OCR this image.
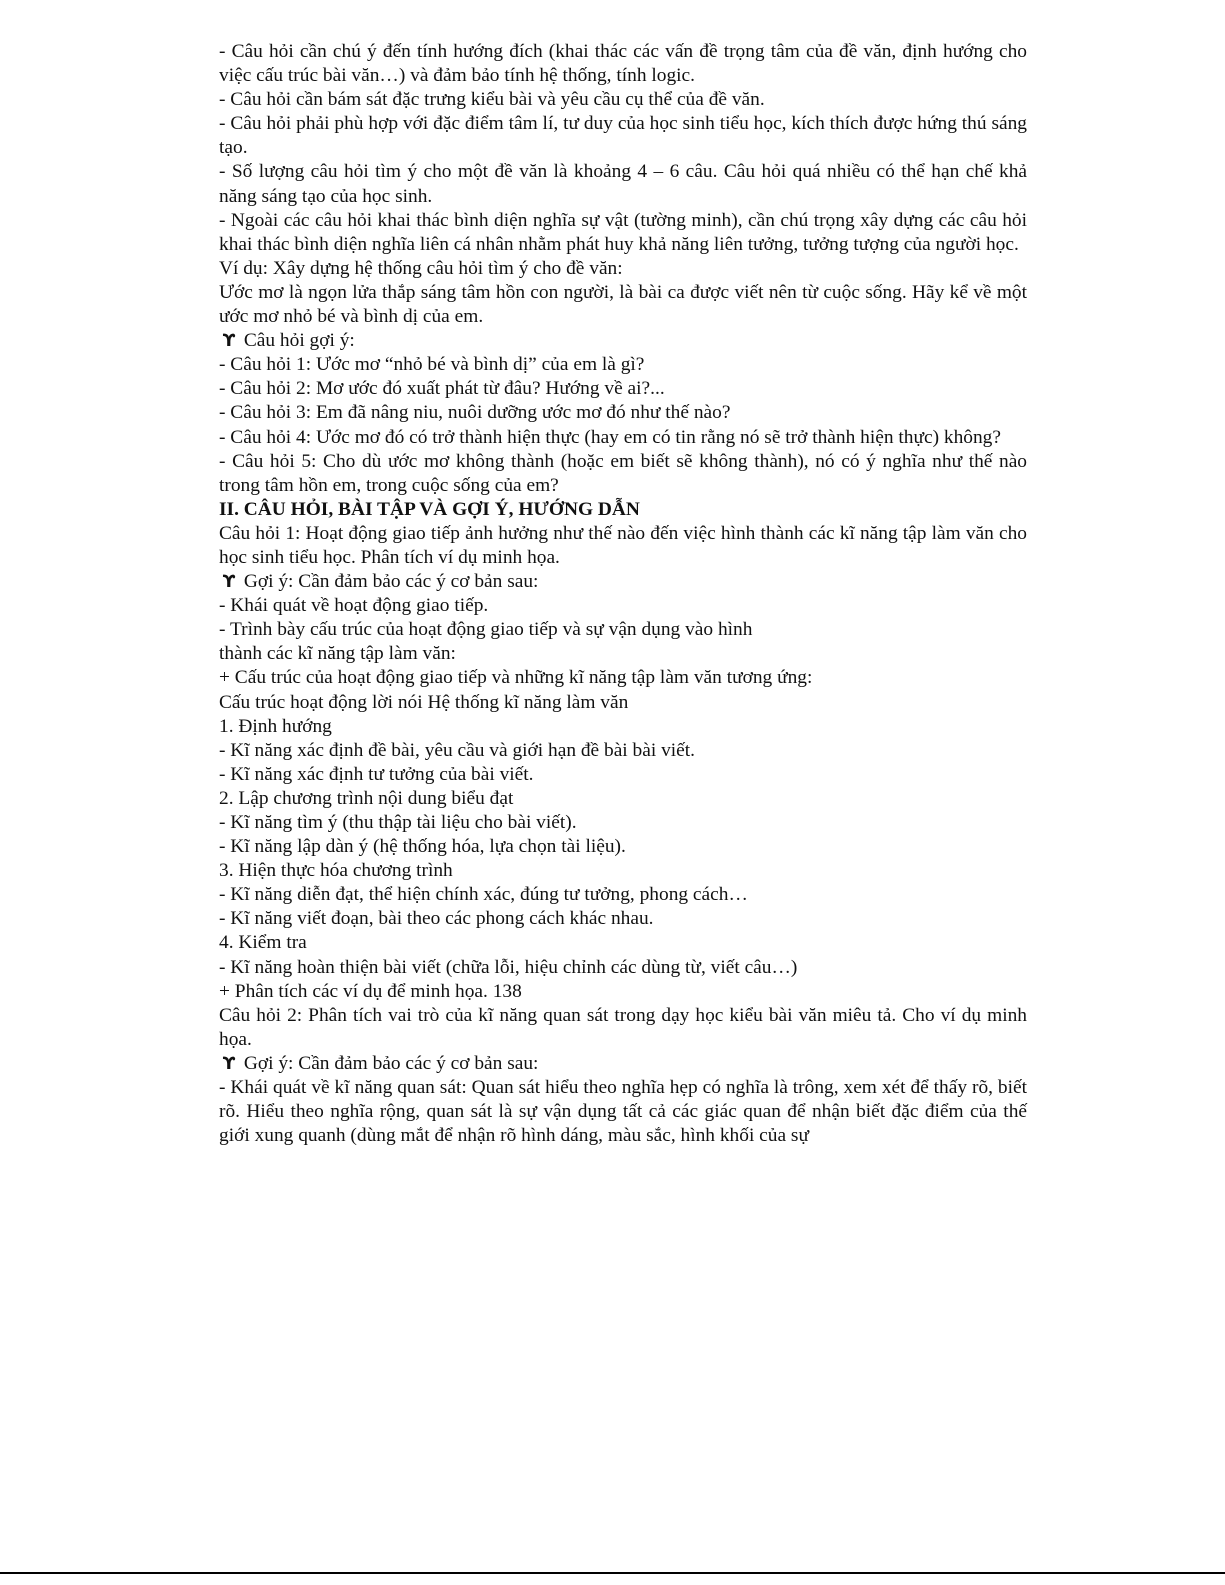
- Câu hỏi cần chú ý đến tính hướng đích (khai thác các vấn đề trọng tâm của đề văn, định hướng cho việc cấu trúc bài văn…) và đảm bảo tính hệ thống, tính logic.

- Câu hỏi cần bám sát đặc trưng kiểu bài và yêu cầu cụ thể của đề văn.

- Câu hỏi phải phù hợp với đặc điểm tâm lí, tư duy của học sinh tiểu học, kích thích được hứng thú sáng tạo.

- Số lượng câu hỏi tìm ý cho một đề văn là khoảng 4 – 6 câu. Câu hỏi quá nhiều có thể hạn chế khả năng sáng tạo của học sinh.

- Ngoài các câu hỏi khai thác bình diện nghĩa sự vật (tường minh), cần chú trọng xây dựng các câu hỏi khai thác bình diện nghĩa liên cá nhân nhằm phát huy khả năng liên tưởng, tưởng tượng của người học.

Ví dụ: Xây dựng hệ thống câu hỏi tìm ý cho đề văn:

Ước mơ là ngọn lửa thắp sáng tâm hồn con người, là bài ca được viết nên từ cuộc sống. Hãy kể về một ước mơ nhỏ bé và bình dị của em.

ϒ Câu hỏi gợi ý:

- Câu hỏi 1: Ước mơ “nhỏ bé và bình dị” của em là gì?

- Câu hỏi 2: Mơ ước đó xuất phát từ đâu? Hướng về ai?...

- Câu hỏi 3: Em đã nâng niu, nuôi dưỡng ước mơ đó như thế nào?

- Câu hỏi 4: Ước mơ đó có trở thành hiện thực (hay em có tin rằng nó sẽ trở thành hiện thực) không?

- Câu hỏi 5: Cho dù ước mơ không thành (hoặc em biết sẽ không thành), nó có ý nghĩa như thế nào trong tâm hồn em, trong cuộc sống của em?

II. CÂU HỎI, BÀI TẬP VÀ GỢI Ý, HƯỚNG DẪN

Câu hỏi 1: Hoạt động giao tiếp ảnh hưởng như thế nào đến việc hình thành các kĩ năng tập làm văn cho học sinh tiểu học. Phân tích ví dụ minh họa.

ϒ Gợi ý: Cần đảm bảo các ý cơ bản sau:

- Khái quát về hoạt động giao tiếp.

- Trình bày cấu trúc của hoạt động giao tiếp và sự vận dụng vào hình

thành các kĩ năng tập làm văn:

+ Cấu trúc của hoạt động giao tiếp và những kĩ năng tập làm văn tương ứng:

Cấu trúc hoạt động lời nói Hệ thống kĩ năng làm văn

1. Định hướng

- Kĩ năng xác định đề bài, yêu cầu và giới hạn đề bài bài viết.

- Kĩ năng xác định tư tưởng của bài viết.

2. Lập chương trình nội dung biểu đạt

- Kĩ năng tìm ý (thu thập tài liệu cho bài viết).

- Kĩ năng lập dàn ý (hệ thống hóa, lựa chọn tài liệu).

3. Hiện thực hóa chương trình

- Kĩ năng diễn đạt, thể hiện chính xác, đúng tư tưởng, phong cách…

- Kĩ năng viết đoạn, bài theo các phong cách khác nhau.

4. Kiểm tra

- Kĩ năng hoàn thiện bài viết (chữa lỗi, hiệu chỉnh các dùng từ, viết câu…)

+ Phân tích các ví dụ để minh họa. 138

Câu hỏi 2: Phân tích vai trò của kĩ năng quan sát trong dạy học kiểu bài văn miêu tả. Cho ví dụ minh họa.

ϒ Gợi ý: Cần đảm bảo các ý cơ bản sau:

- Khái quát về kĩ năng quan sát: Quan sát hiểu theo nghĩa hẹp có nghĩa là trông, xem xét để thấy rõ, biết rõ. Hiểu theo nghĩa rộng, quan sát là sự vận dụng tất cả các giác quan để nhận biết đặc điểm của thế giới xung quanh (dùng mắt để nhận rõ hình dáng, màu sắc, hình khối của sự
